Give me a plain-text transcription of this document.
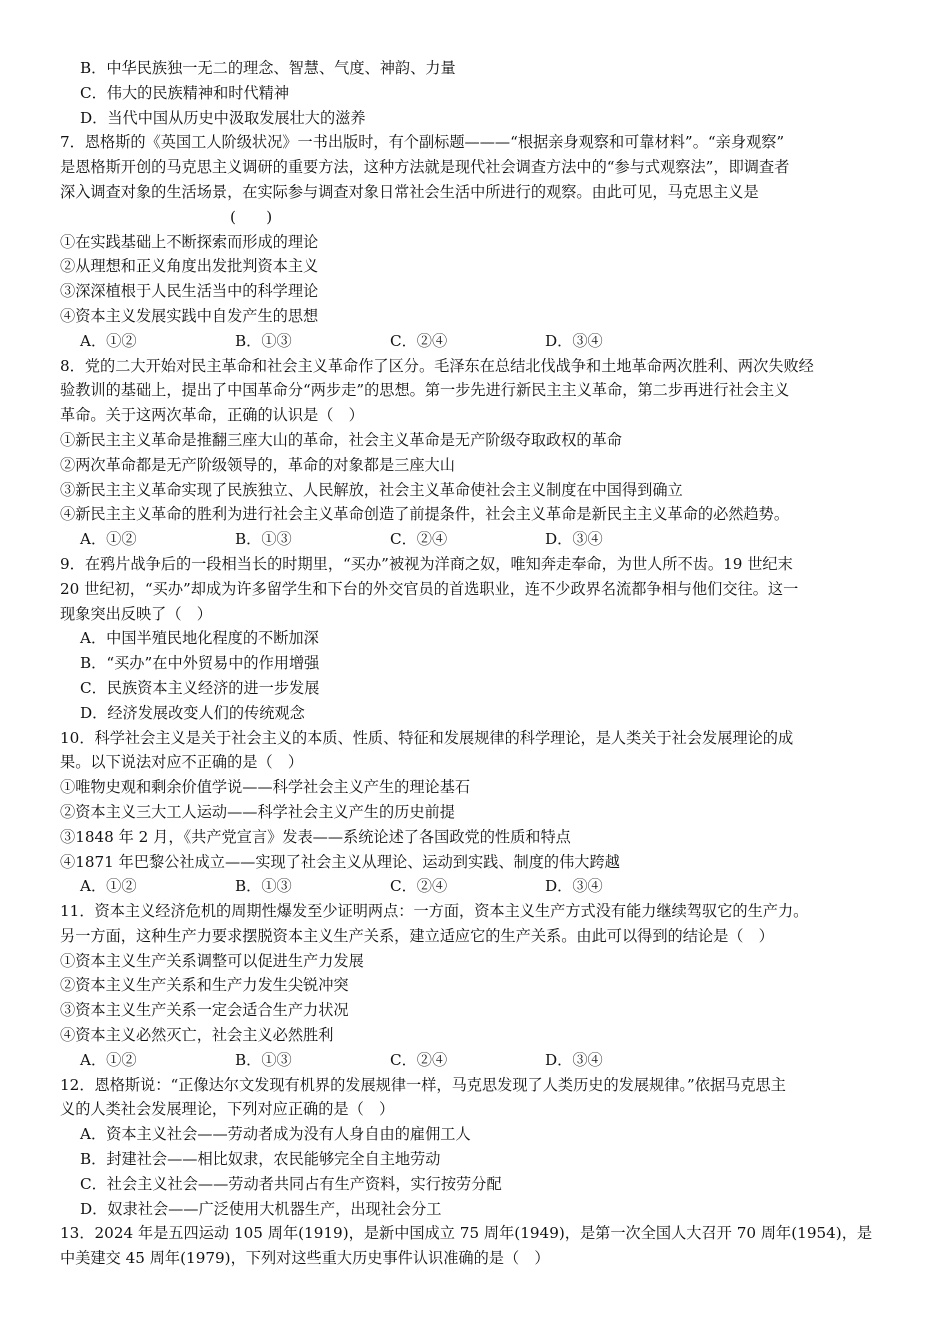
B．中华民族独一无二的理念、智慧、气度、神韵、力量
C．伟大的民族精神和时代精神
D．当代中国从历史中汲取发展壮大的滋养
7．恩格斯的《英国工人阶级状况》一书出版时，有个副标题———“根据亲身观察和可靠材料”。“亲身观察”
是恩格斯开创的马克思主义调研的重要方法，这种方法就是现代社会调查方法中的“参与式观察法”，即调查者
深入调查对象的生活场景，在实际参与调查对象日常社会生活中所进行的观察。由此可见，马克思主义是
(　　)
①在实践基础上不断探索而形成的理论
②从理想和正义角度出发批判资本主义
③深深植根于人民生活当中的科学理论
④资本主义发展实践中自发产生的思想
A．①②	B．①③	C．②④	D．③④
8．党的二大开始对民主革命和社会主义革命作了区分。毛泽东在总结北伐战争和土地革命两次胜利、两次失败经
验教训的基础上，提出了中国革命分“两步走”的思想。第一步先进行新民主主义革命，第二步再进行社会主义
革命。关于这两次革命，正确的认识是（　）
①新民主主义革命是推翻三座大山的革命，社会主义革命是无产阶级夺取政权的革命
②两次革命都是无产阶级领导的，革命的对象都是三座大山
③新民主主义革命实现了民族独立、人民解放，社会主义革命使社会主义制度在中国得到确立
④新民主主义革命的胜利为进行社会主义革命创造了前提条件，社会主义革命是新民主主义革命的必然趋势。
A．①②	B．①③	C．②④	D．③④
9．在鸦片战争后的一段相当长的时期里，“买办”被视为洋商之奴，唯知奔走奉命，为世人所不齿。19 世纪末
20 世纪初，“买办”却成为许多留学生和下台的外交官员的首选职业，连不少政界名流都争相与他们交往。这一
现象突出反映了（　）
A．中国半殖民地化程度的不断加深
B．“买办”在中外贸易中的作用增强
C．民族资本主义经济的进一步发展
D．经济发展改变人们的传统观念
10．科学社会主义是关于社会主义的本质、性质、特征和发展规律的科学理论，是人类关于社会发展理论的成
果。以下说法对应不正确的是（　）
①唯物史观和剩余价值学说——科学社会主义产生的理论基石
②资本主义三大工人运动——科学社会主义产生的历史前提
③1848 年 2 月，《共产党宣言》发表——系统论述了各国政党的性质和特点
④1871 年巴黎公社成立——实现了社会主义从理论、运动到实践、制度的伟大跨越
A．①②	B．①③	C．②④	D．③④
11．资本主义经济危机的周期性爆发至少证明两点：一方面，资本主义生产方式没有能力继续驾驭它的生产力。
另一方面，这种生产力要求摆脱资本主义生产关系，建立适应它的生产关系。由此可以得到的结论是（　）
①资本主义生产关系调整可以促进生产力发展
②资本主义生产关系和生产力发生尖锐冲突
③资本主义生产关系一定会适合生产力状况
④资本主义必然灭亡，社会主义必然胜利
A．①②	B．①③	C．②④	D．③④
12．恩格斯说：“正像达尔文发现有机界的发展规律一样，马克思发现了人类历史的发展规律。”依据马克思主
义的人类社会发展理论，下列对应正确的是（　）
A．资本主义社会——劳动者成为没有人身自由的雇佣工人
B．封建社会——相比奴隶，农民能够完全自主地劳动
C．社会主义社会——劳动者共同占有生产资料，实行按劳分配
D．奴隶社会——广泛使用大机器生产，出现社会分工
13．2024 年是五四运动 105 周年(1919)，是新中国成立 75 周年(1949)，是第一次全国人大召开 70 周年(1954)，是
中美建交 45 周年(1979)，下列对这些重大历史事件认识准确的是（　）
